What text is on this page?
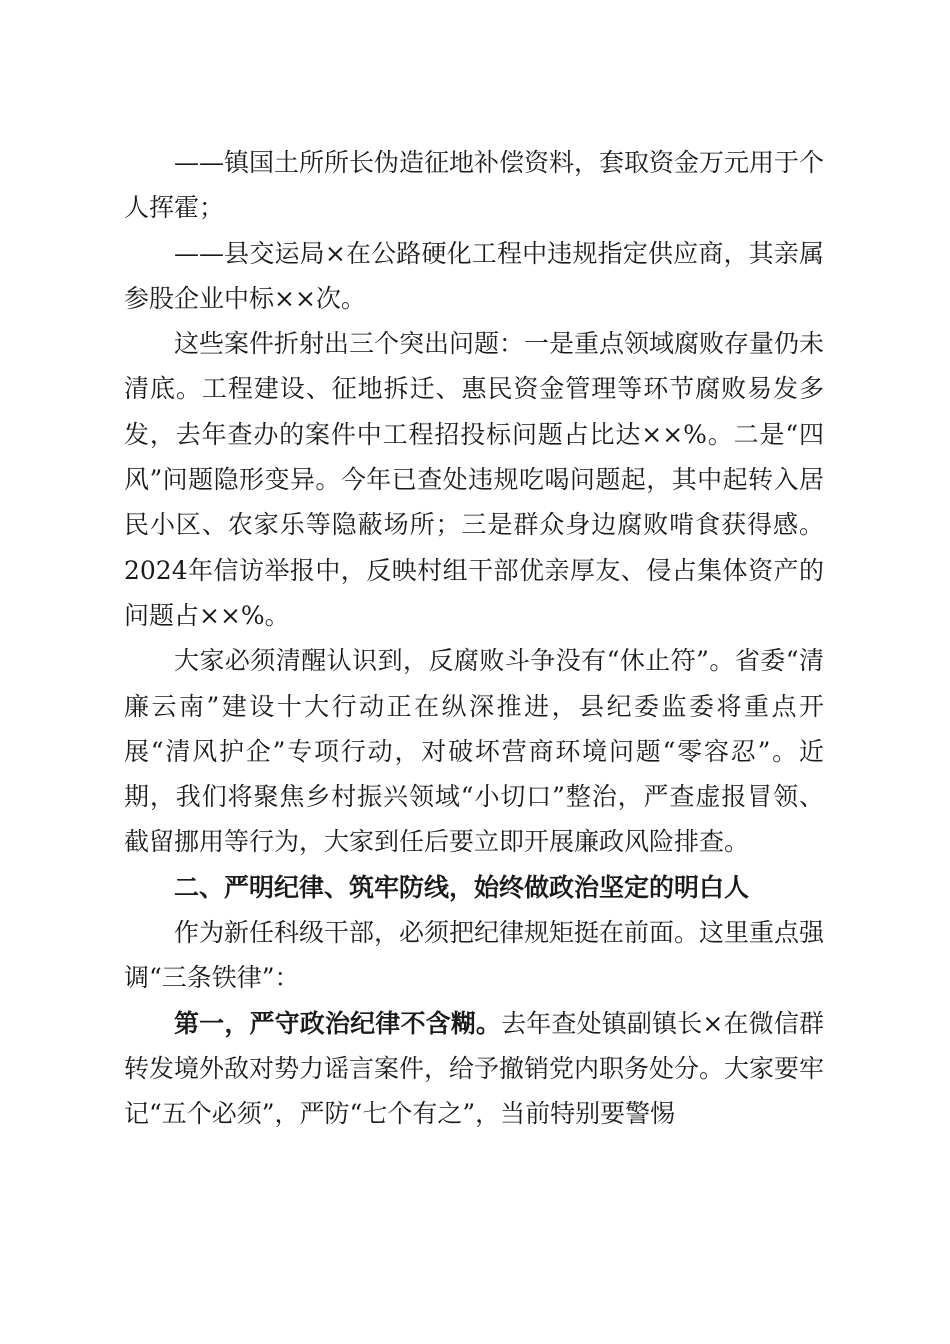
——镇国土所所长伪造征地补偿资料，套取资金万元用于个人挥霍；

——县交运局×在公路硬化工程中违规指定供应商，其亲属参股企业中标××次。

这些案件折射出三个突出问题：一是重点领域腐败存量仍未清底。工程建设、征地拆迁、惠民资金管理等环节腐败易发多发，去年查办的案件中工程招投标问题占比达××%。二是“四风”问题隐形变异。今年已查处违规吃喝问题起，其中起转入居民小区、农家乐等隐蔽场所；三是群众身边腐败啃食获得感。2024年信访举报中，反映村组干部优亲厚友、侵占集体资产的问题占××%。

大家必须清醒认识到，反腐败斗争没有“休止符”。省委“清廉云南”建设十大行动正在纵深推进，县纪委监委将重点开展“清风护企”专项行动，对破坏营商环境问题“零容忍”。近期，我们将聚焦乡村振兴领域“小切口”整治，严查虚报冒领、截留挪用等行为，大家到任后要立即开展廉政风险排查。

二、严明纪律、筑牢防线，始终做政治坚定的明白人

作为新任科级干部，必须把纪律规矩挺在前面。这里重点强调“三条铁律”：

第一，严守政治纪律不含糊。去年查处镇副镇长×在微信群转发境外敌对势力谣言案件，给予撤销党内职务处分。大家要牢记“五个必须”，严防“七个有之”，当前特别要警惕
